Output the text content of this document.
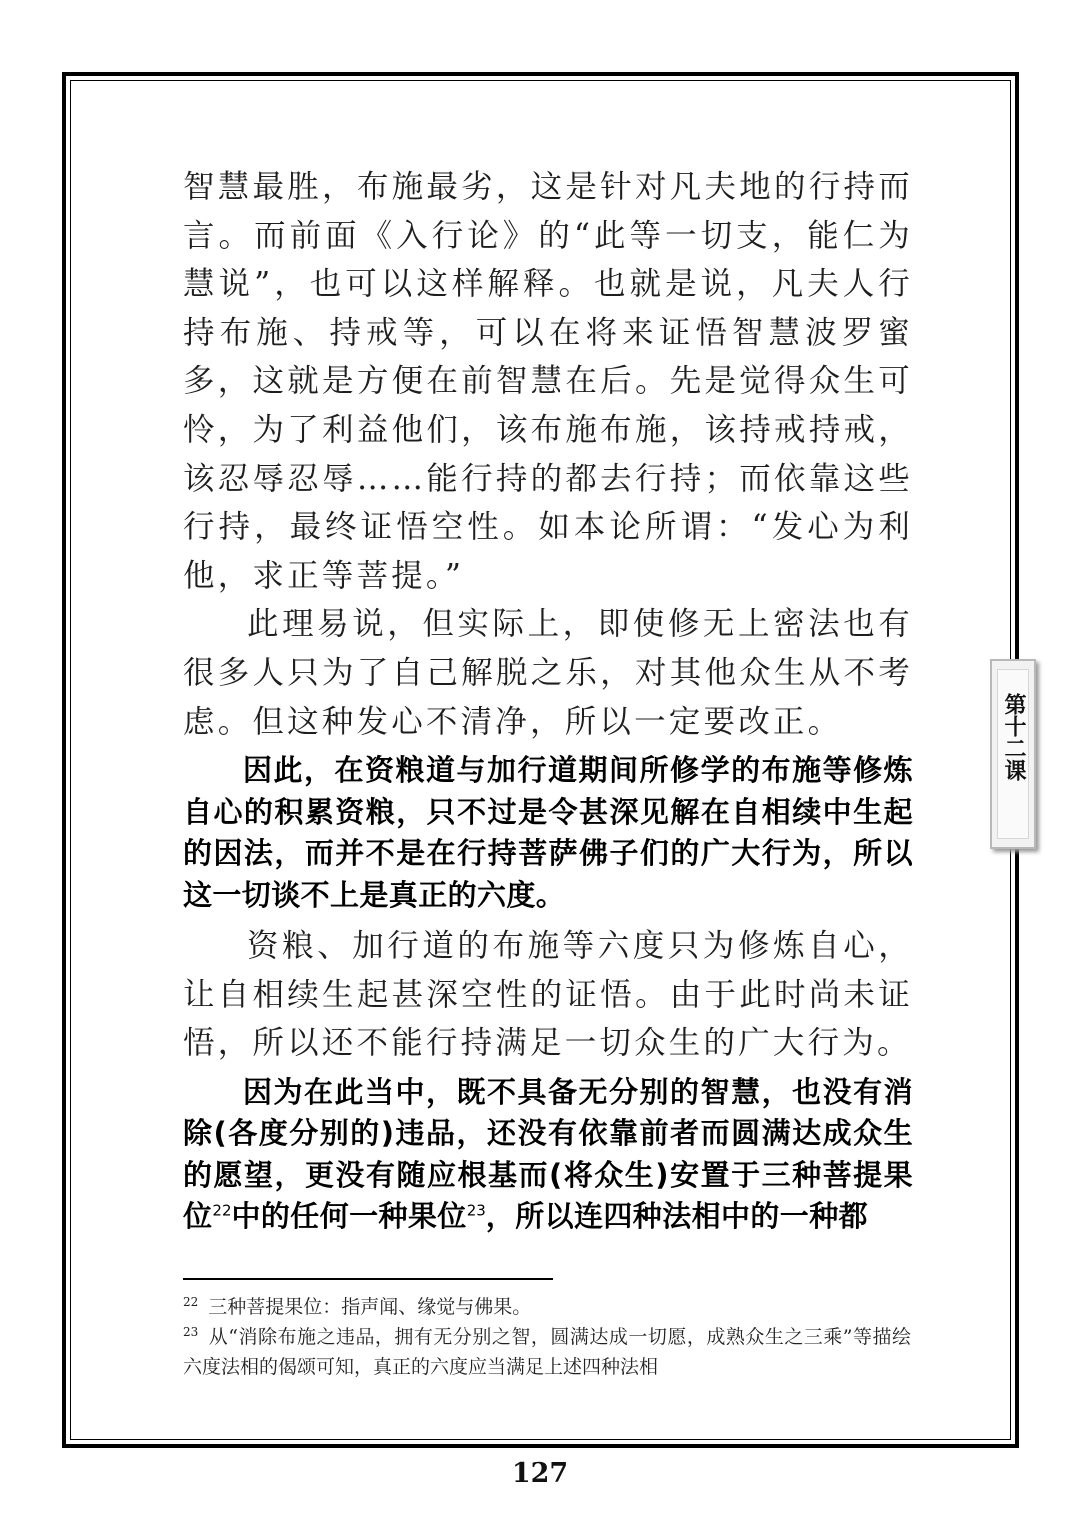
智慧最胜，布施最劣，这是针对凡夫地的行持而言。而前面《入行论》的“此等一切支，能仁为慧说”，也可以这样解释。也就是说，凡夫人行持布施、持戒等，可以在将来证悟智慧波罗蜜多，这就是方便在前智慧在后。先是觉得众生可怜，为了利益他们，该布施布施，该持戒持戒，该忍辱忍辱……能行持的都去行持；而依靠这些行持，最终证悟空性。如本论所谓：“发心为利他，求正等菩提。”

此理易说，但实际上，即使修无上密法也有很多人只为了自己解脱之乐，对其他众生从不考虑。但这种发心不清净，所以一定要改正。

因此，在资粮道与加行道期间所修学的布施等修炼自心的积累资粮，只不过是令甚深见解在自相续中生起的因法，而并不是在行持菩萨佛子们的广大行为，所以这一切谈不上是真正的六度。

资粮、加行道的布施等六度只为修炼自心，让自相续生起甚深空性的证悟。由于此时尚未证悟，所以还不能行持满足一切众生的广大行为。

因为在此当中，既不具备无分别的智慧，也没有消除(各度分别的)违品，还没有依靠前者而圆满达成众生的愿望，更没有随应根基而(将众生)安置于三种菩提果位$^{22}$中的任何一种果位$^{23}$，所以连四种法相中的一种都

$^{22}$ 三种菩提果位：指声闻、缘觉与佛果。

$^{23}$ 从“消除布施之违品，拥有无分别之智，圆满达成一切愿，成熟众生之三乘”等描绘六度法相的偈颂可知，真正的六度应当满足上述四种法相

第十二课
127
